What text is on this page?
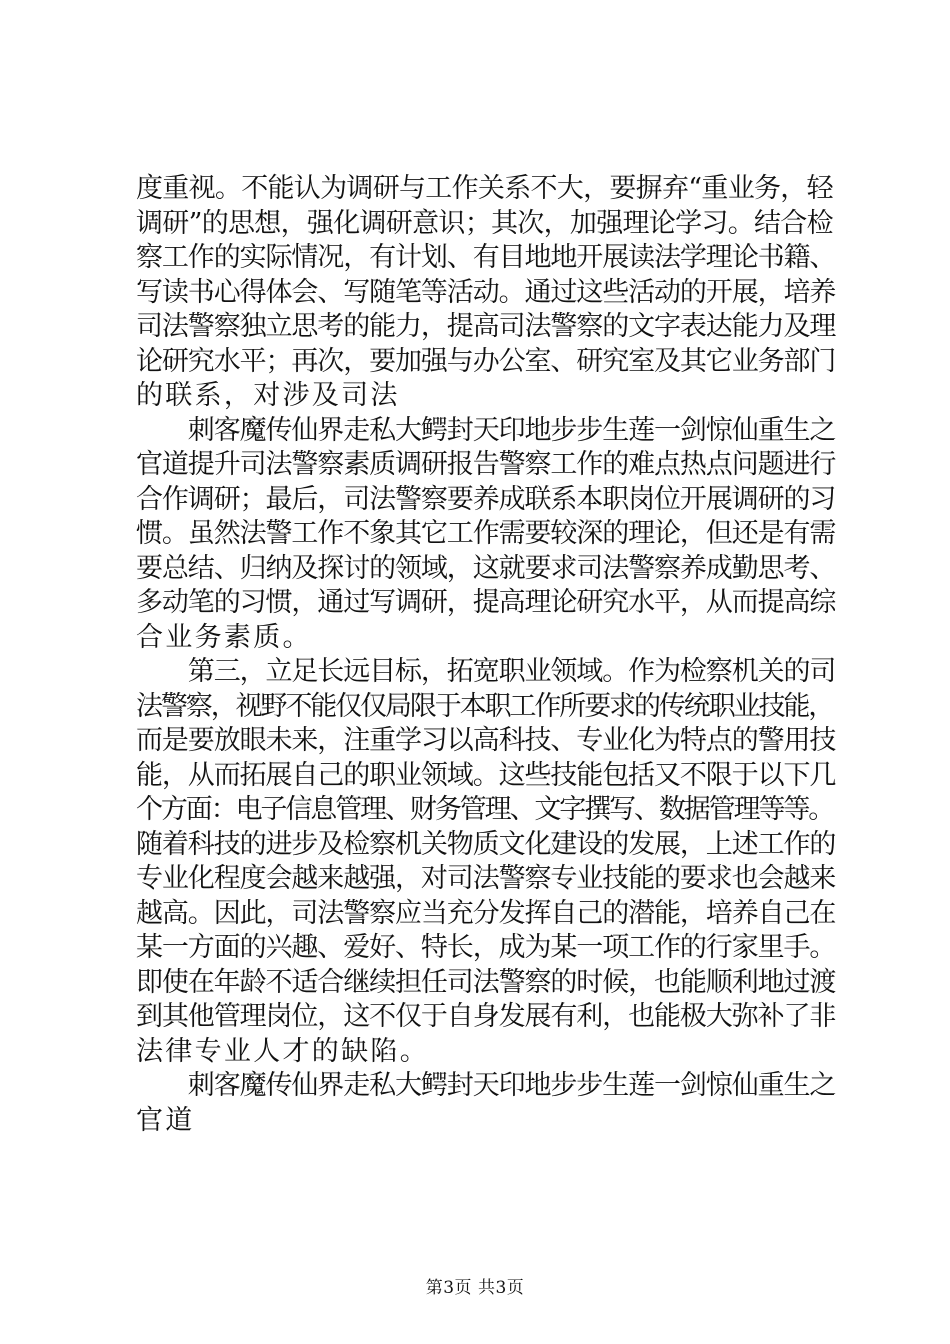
度重视。不能认为调研与工作关系不大，要摒弃“重业务，轻
调研”的思想，强化调研意识；其次，加强理论学习。结合检
察工作的实际情况，有计划、有目地地开展读法学理论书籍、
写读书心得体会、写随笔等活动。通过这些活动的开展，培养
司法警察独立思考的能力，提高司法警察的文字表达能力及理
论研究水平；再次，要加强与办公室、研究室及其它业务部门
的联系，对涉及司法
　　刺客魔传仙界走私大鳄封天印地步步生莲一剑惊仙重生之
官道提升司法警察素质调研报告警察工作的难点热点问题进行
合作调研；最后，司法警察要养成联系本职岗位开展调研的习
惯。虽然法警工作不象其它工作需要较深的理论，但还是有需
要总结、归纳及探讨的领域，这就要求司法警察养成勤思考、
多动笔的习惯，通过写调研，提高理论研究水平，从而提高综
合业务素质。
　　第三，立足长远目标，拓宽职业领域。作为检察机关的司
法警察，视野不能仅仅局限于本职工作所要求的传统职业技能，
而是要放眼未来，注重学习以高科技、专业化为特点的警用技
能，从而拓展自己的职业领域。这些技能包括又不限于以下几
个方面：电子信息管理、财务管理、文字撰写、数据管理等等。
随着科技的进步及检察机关物质文化建设的发展，上述工作的
专业化程度会越来越强，对司法警察专业技能的要求也会越来
越高。因此，司法警察应当充分发挥自己的潜能，培养自己在
某一方面的兴趣、爱好、特长，成为某一项工作的行家里手。
即使在年龄不适合继续担任司法警察的时候，也能顺利地过渡
到其他管理岗位，这不仅于自身发展有利，也能极大弥补了非
法律专业人才的缺陷。
　　刺客魔传仙界走私大鳄封天印地步步生莲一剑惊仙重生之
官道
第3页 共3页
